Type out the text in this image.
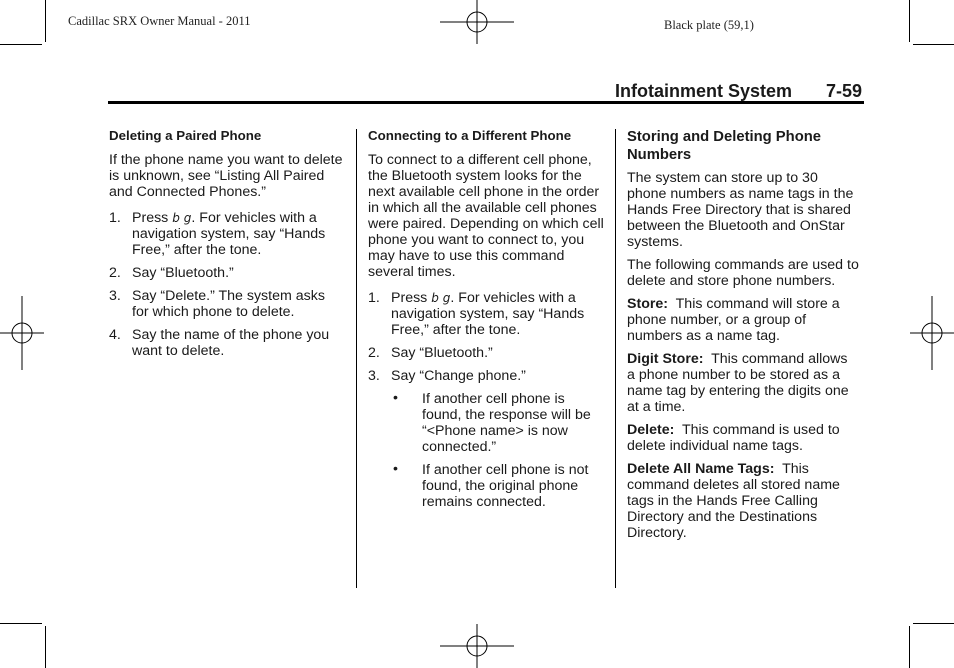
Cadillac SRX Owner Manual - 2011	Black plate (59,1)
Infotainment System 7-59

Deleting a Paired Phone

If the phone name you want to delete is unknown, see “Listing All Paired and Connected Phones.”

1. Press b g. For vehicles with a navigation system, say “Hands Free,” after the tone.
2. Say “Bluetooth.”
3. Say “Delete.” The system asks for which phone to delete.
4. Say the name of the phone you want to delete.

Connecting to a Different Phone

To connect to a different cell phone, the Bluetooth system looks for the next available cell phone in the order in which all the available cell phones were paired. Depending on which cell phone you want to connect to, you may have to use this command several times.

1. Press b g. For vehicles with a navigation system, say “Hands Free,” after the tone.
2. Say “Bluetooth.”
3. Say “Change phone.”
• If another cell phone is found, the response will be “<Phone name> is now connected.”
• If another cell phone is not found, the original phone remains connected.

Storing and Deleting Phone Numbers

The system can store up to 30 phone numbers as name tags in the Hands Free Directory that is shared between the Bluetooth and OnStar systems.

The following commands are used to delete and store phone numbers.

Store: This command will store a phone number, or a group of numbers as a name tag.

Digit Store: This command allows a phone number to be stored as a name tag by entering the digits one at a time.

Delete: This command is used to delete individual name tags.

Delete All Name Tags: This command deletes all stored name tags in the Hands Free Calling Directory and the Destinations Directory.
